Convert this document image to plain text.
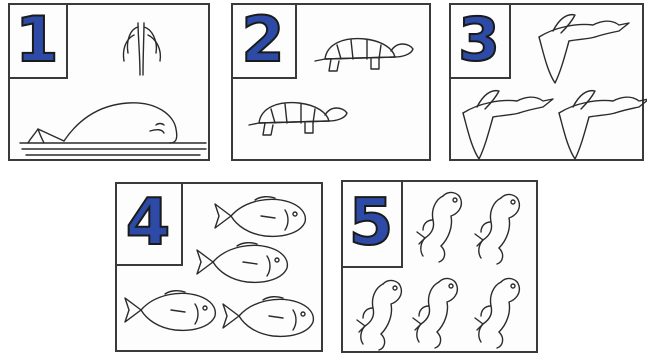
1	2	3
4	5
